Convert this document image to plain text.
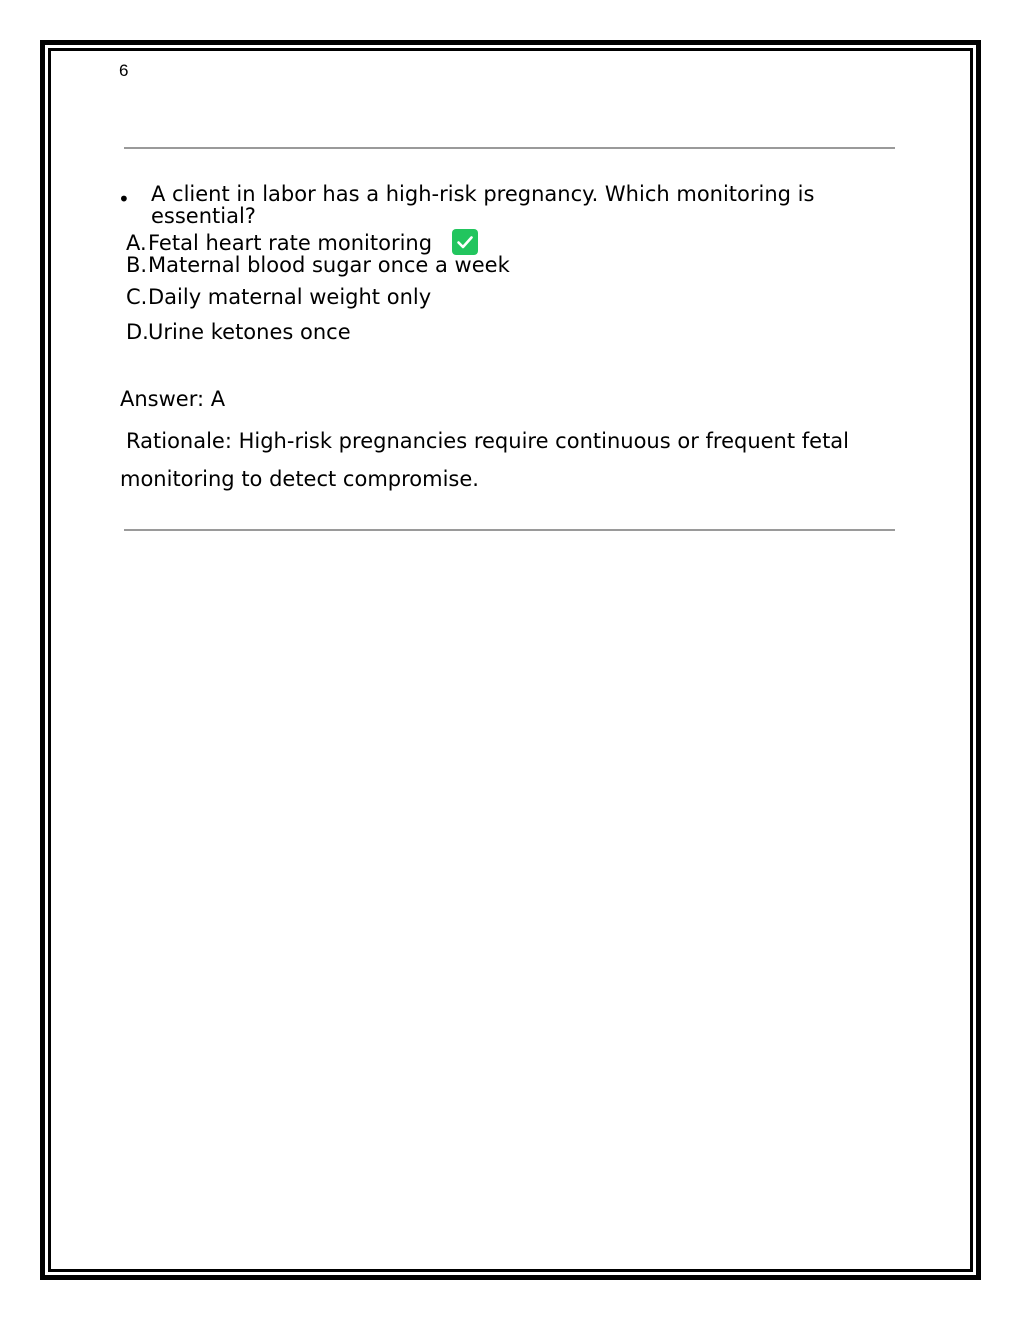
6
• A client in labor has a high-risk pregnancy. Which monitoring is essential?
A. Fetal heart rate monitoring
B. Maternal blood sugar once a week
C. Daily maternal weight only
D. Urine ketones once
Answer: A
Rationale: High-risk pregnancies require continuous or frequent fetal monitoring to detect compromise.
